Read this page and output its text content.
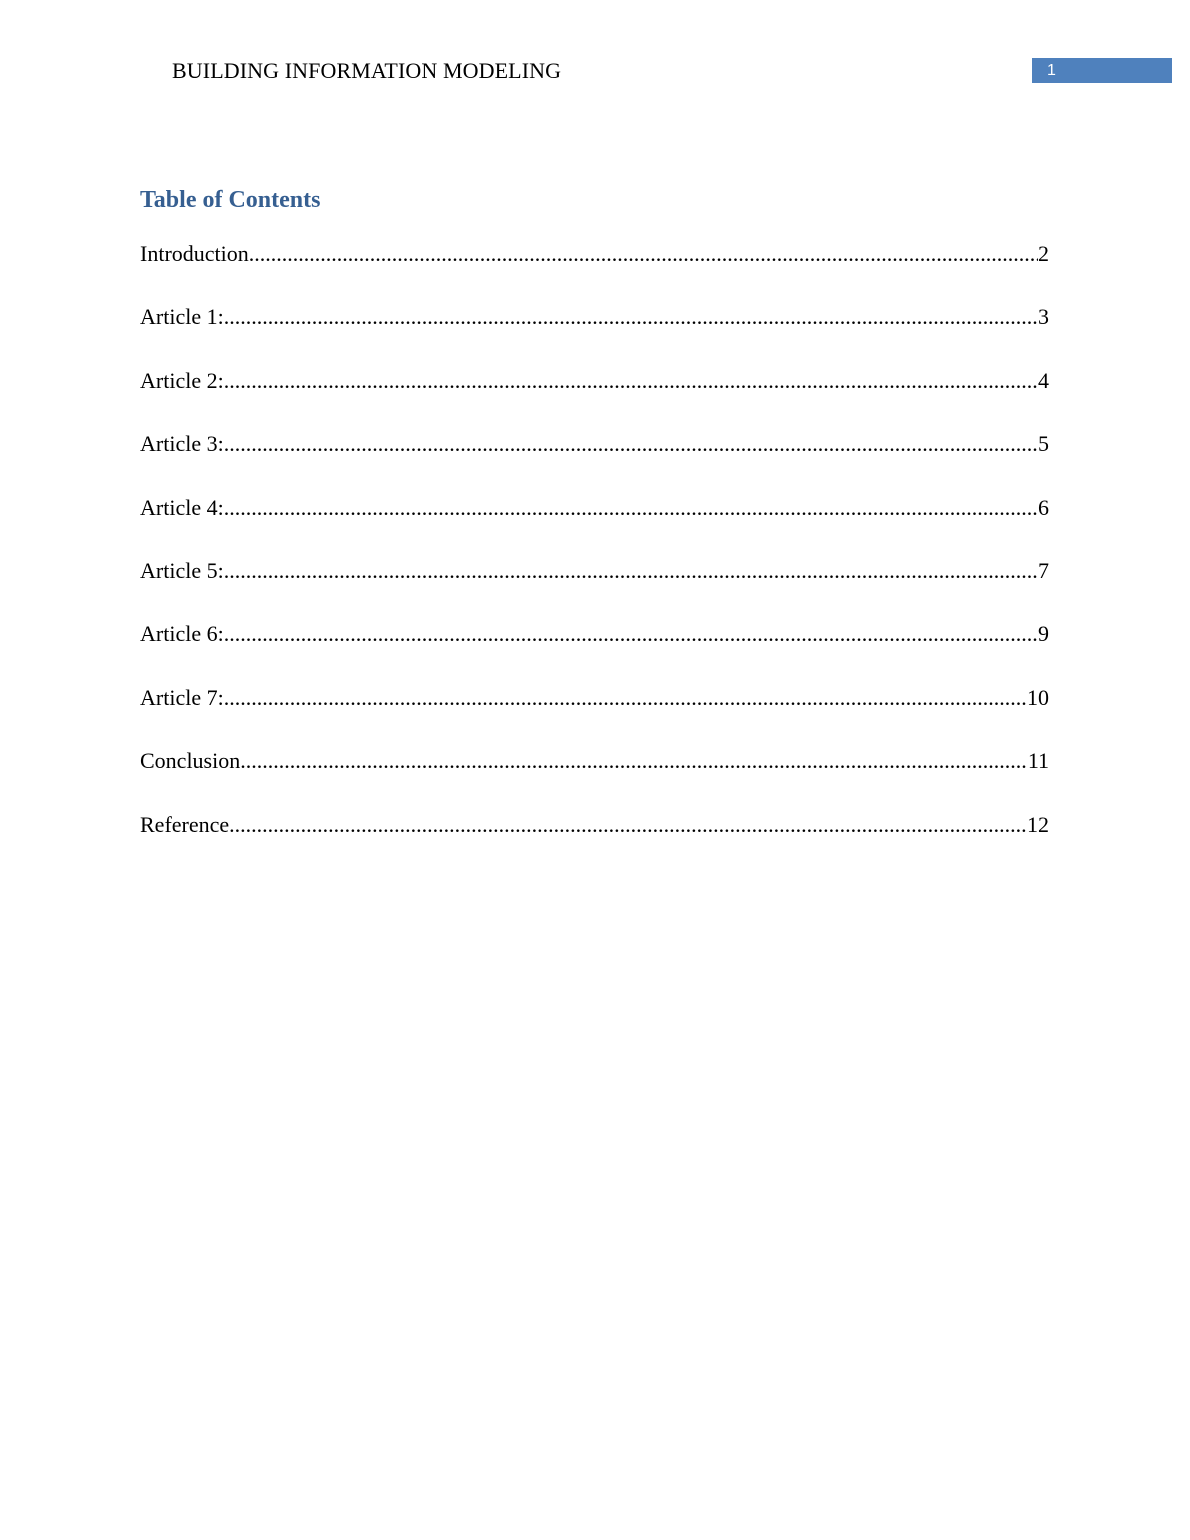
BUILDING INFORMATION MODELING	1
Table of Contents
Introduction .....	2
Article 1: .....	3
Article 2: .....	4
Article 3: .....	5
Article 4: .....	6
Article 5: .....	7
Article 6: .....	9
Article 7: .....	10
Conclusion .....	11
Reference .....	12
